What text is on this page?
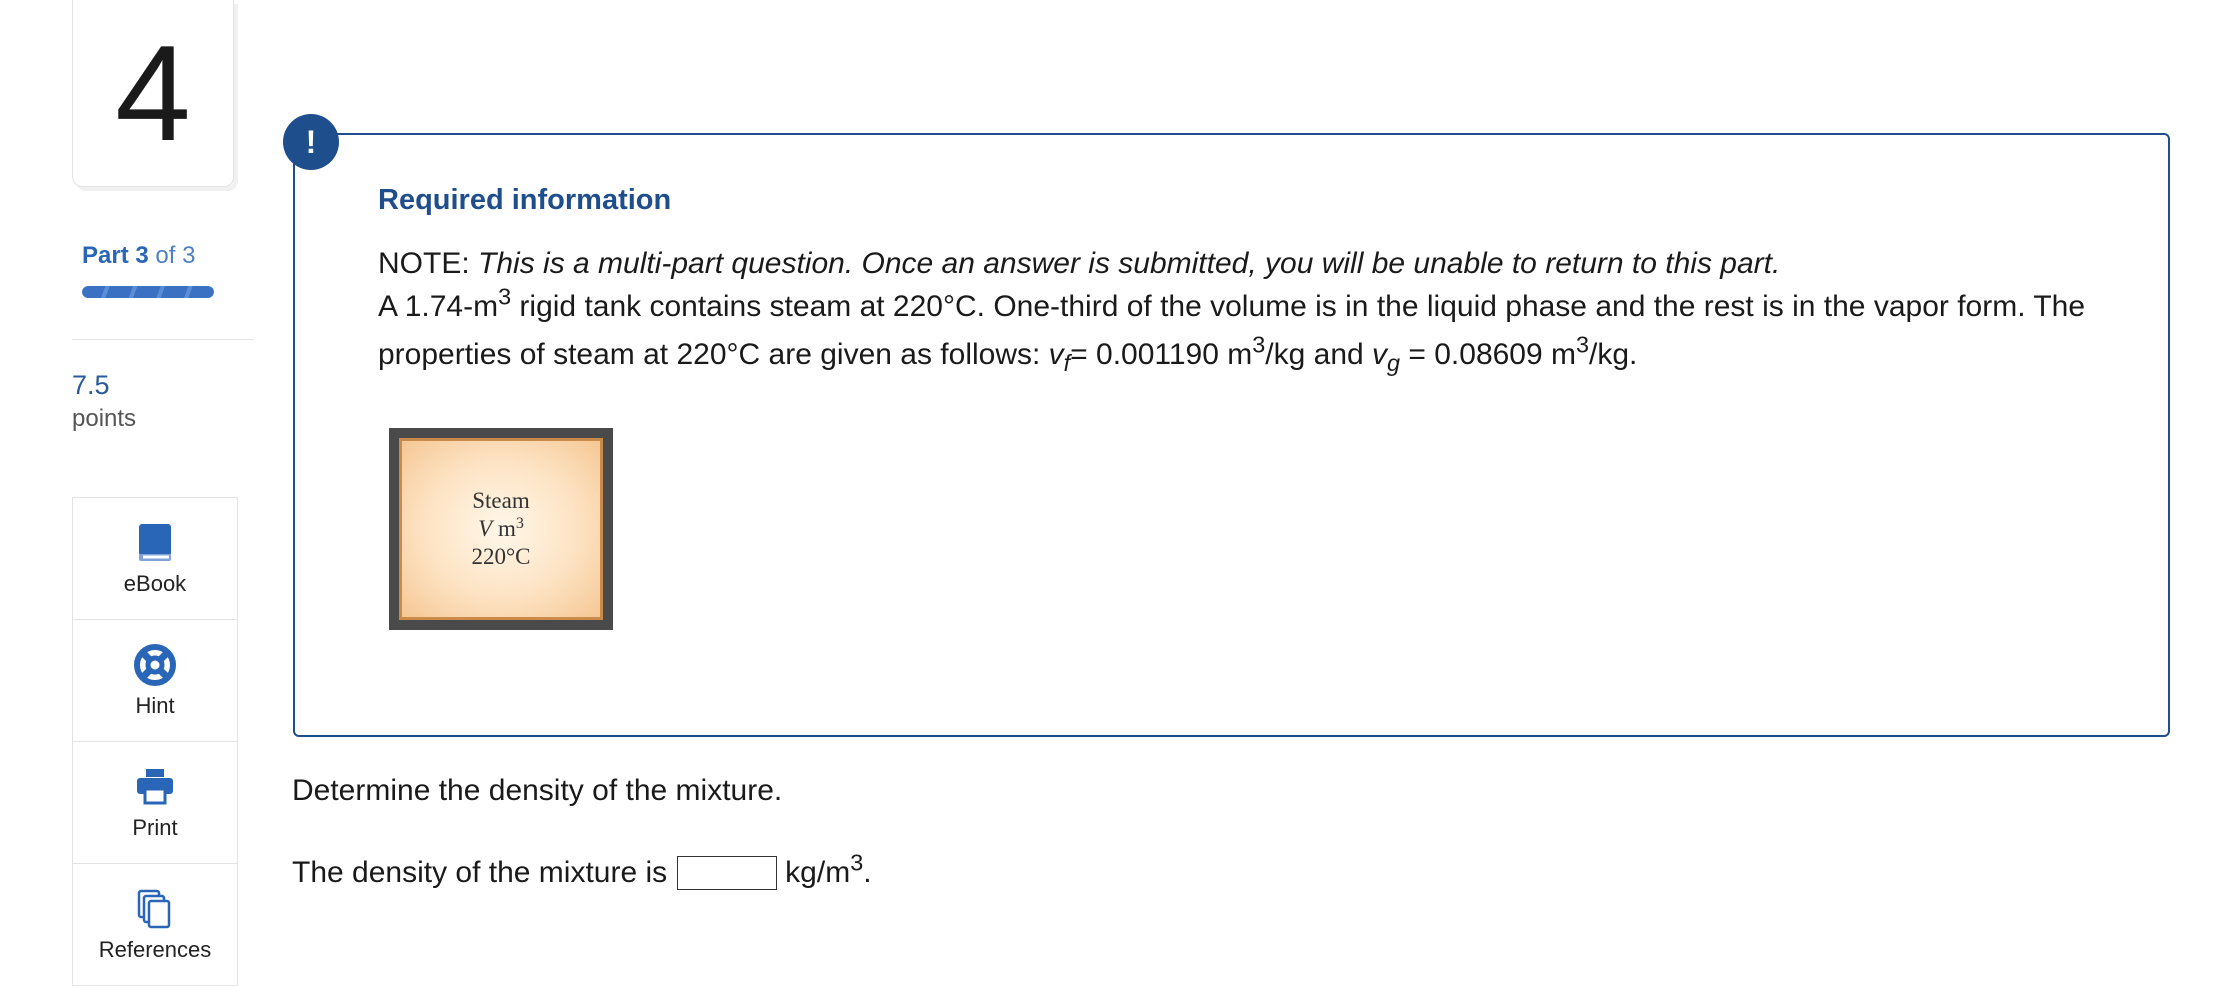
4
Part 3 of 3
7.5
points
eBook
Hint
Print
References
!
Required information
NOTE: This is a multi-part question. Once an answer is submitted, you will be unable to return to this part.
A $1.74-m^3$ rigid tank contains steam at 220°C. One-third of the volume is in the liquid phase and the rest is in the vapor form. The properties of steam at 220°C are given as follows: $v_f= 0.001190$ $m^3/kg$ and $v_g = 0.08609$ $m^3/kg$.
Steam
V $m^3$
220°C
Determine the density of the mixture.
The density of the mixture is	$kg/m^3$.
